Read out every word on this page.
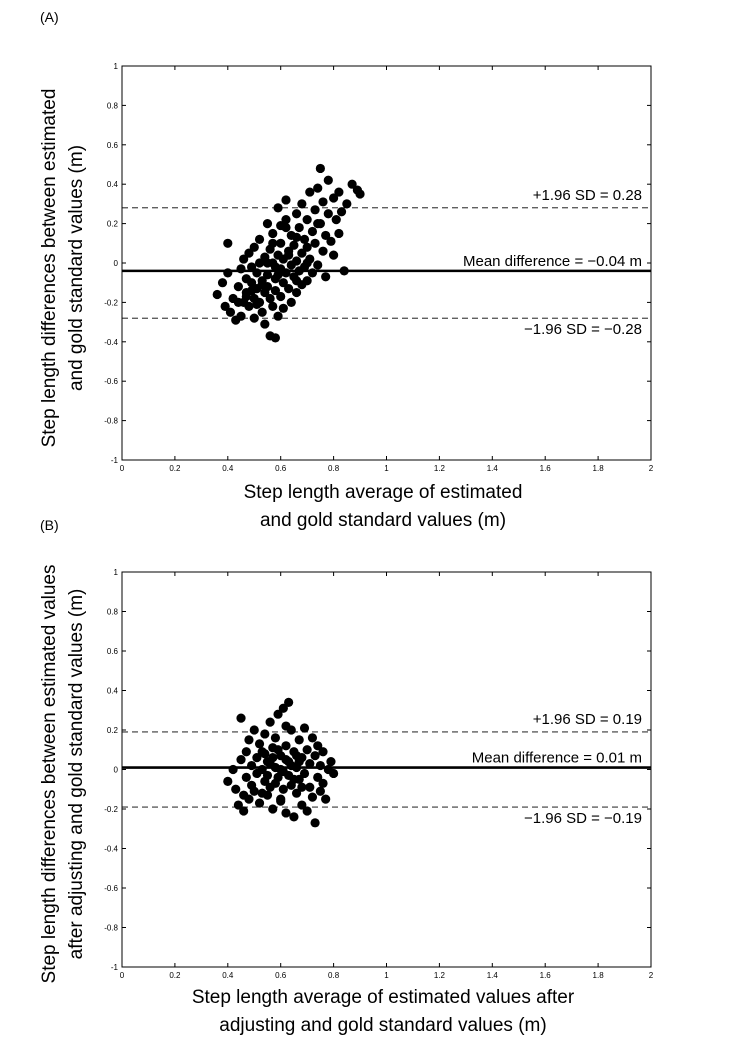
(A)
0	0.2	0.4	0.6	0.8	1	1.2	1.4	1.6	1.8	2
-1
-0.8
-0.6
-0.4
-0.2
0
0.2
0.4
0.6
0.8
1
+1.96 SD = 0.28
Mean difference = −0.04 m
−1.96 SD = −0.28
Step length average of estimated
and gold standard values (m)
Step length differences between estimated and gold standard values (m)
(B)
0	0.2	0.4	0.6	0.8	1	1.2	1.4	1.6	1.8	2
-1
-0.8
-0.6
-0.4
-0.2
0
0.2
0.4
0.6
0.8
1
+1.96 SD = 0.19
Mean difference = 0.01 m
−1.96 SD = −0.19
Step length average of estimated values after
adjusting and gold standard values (m)
Step length differences between estimated values after adjusting and gold standard values (m)
